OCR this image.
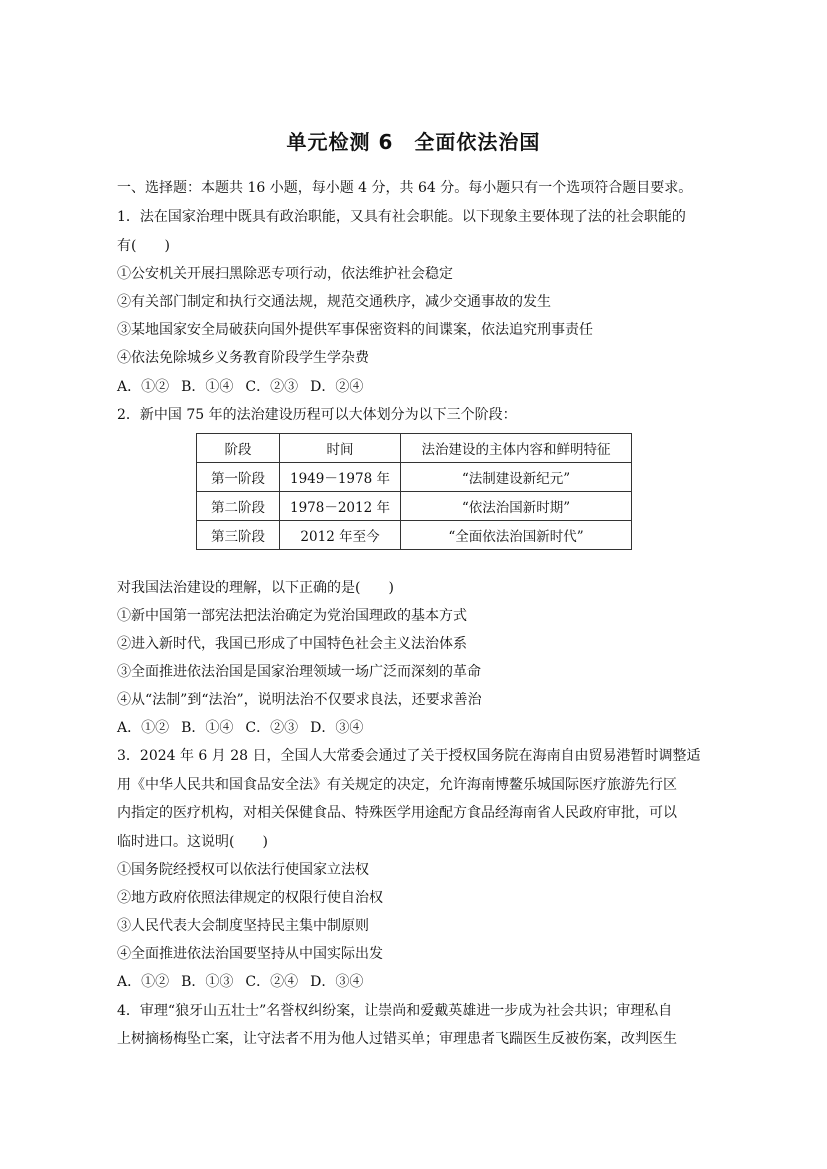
单元检测 6　全面依法治国
一、选择题：本题共 16 小题，每小题 4 分，共 64 分。每小题只有一个选项符合题目要求。
1．法在国家治理中既具有政治职能，又具有社会职能。以下现象主要体现了法的社会职能的
有(　　)
①公安机关开展扫黑除恶专项行动，依法维护社会稳定
②有关部门制定和执行交通法规，规范交通秩序，减少交通事故的发生
③某地国家安全局破获向国外提供军事保密资料的间谍案，依法追究刑事责任
④依法免除城乡义务教育阶段学生学杂费
A．①② B．①④ C．②③ D．②④
2．新中国 75 年的法治建设历程可以大体划分为以下三个阶段：
阶段	时间	法治建设的主体内容和鲜明特征
第一阶段	1949－1978 年	“法制建设新纪元”
第二阶段	1978－2012 年	“依法治国新时期”
第三阶段	2012 年至今	“全面依法治国新时代”
对我国法治建设的理解，以下正确的是(　　)
①新中国第一部宪法把法治确定为党治国理政的基本方式
②进入新时代，我国已形成了中国特色社会主义法治体系
③全面推进依法治国是国家治理领域一场广泛而深刻的革命
④从“法制”到“法治”，说明法治不仅要求良法，还要求善治
A．①② B．①④ C．②③ D．③④
3．2024 年 6 月 28 日，全国人大常委会通过了关于授权国务院在海南自由贸易港暂时调整适
用《中华人民共和国食品安全法》有关规定的决定，允许海南博鳌乐城国际医疗旅游先行区
内指定的医疗机构，对相关保健食品、特殊医学用途配方食品经海南省人民政府审批，可以
临时进口。这说明(　　)
①国务院经授权可以依法行使国家立法权
②地方政府依照法律规定的权限行使自治权
③人民代表大会制度坚持民主集中制原则
④全面推进依法治国要坚持从中国实际出发
A．①② B．①③ C．②④ D．③④
4．审理“狼牙山五壮士”名誉权纠纷案，让崇尚和爱戴英雄进一步成为社会共识；审理私自
上树摘杨梅坠亡案，让守法者不用为他人过错买单；审理患者飞踹医生反被伤案，改判医生
